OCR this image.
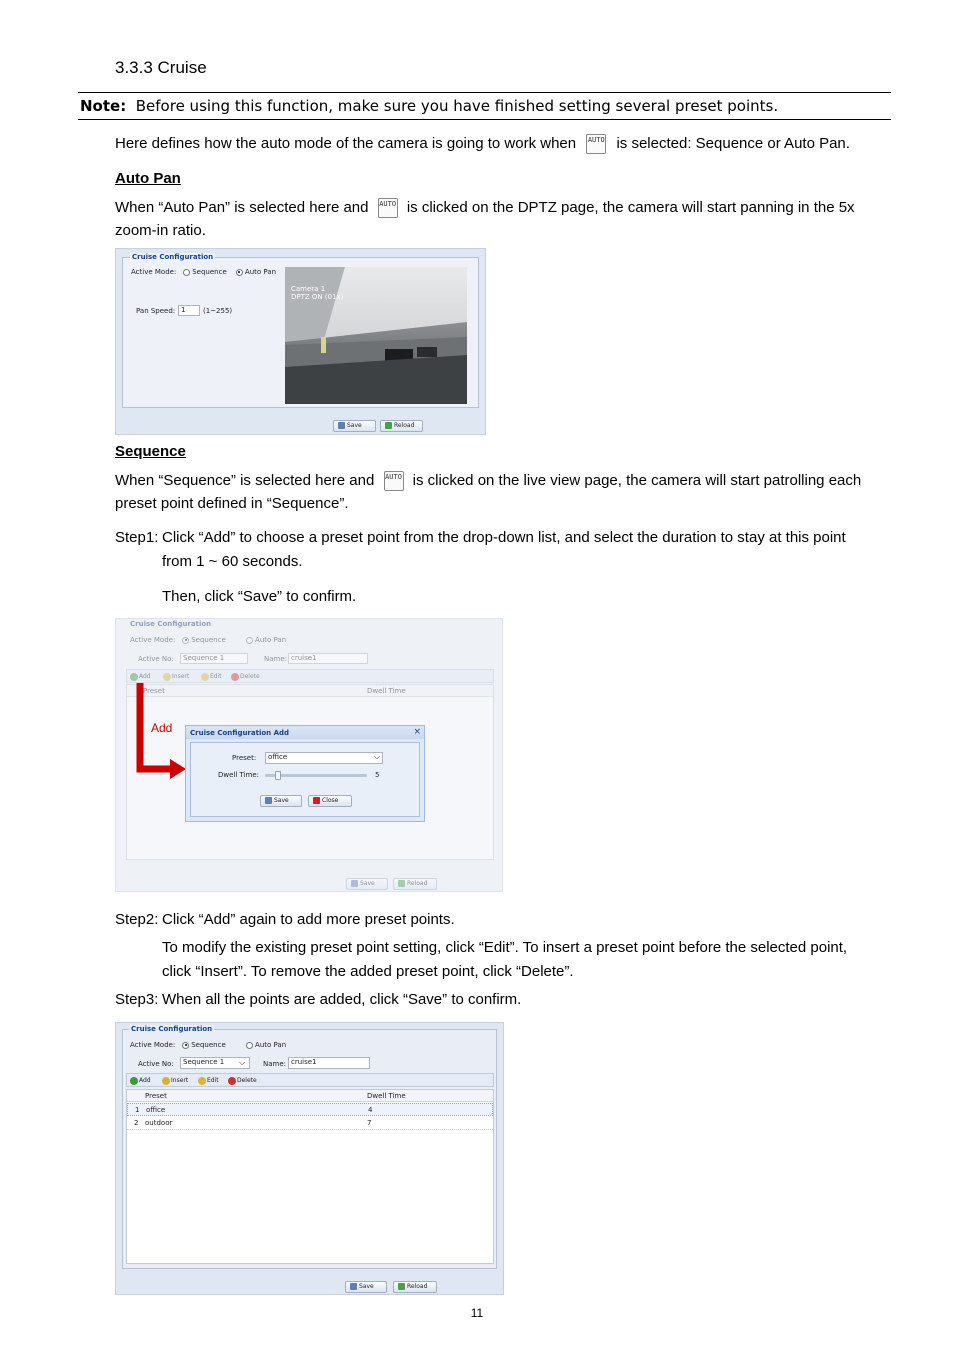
3.3.3 Cruise
Note: Before using this function, make sure you have finished setting several preset points.
Here defines how the auto mode of the camera is going to work when AUTO is selected: Sequence or Auto Pan.
Auto Pan
When “Auto Pan” is selected here and AUTO is clicked on the DPTZ page, the camera will start panning in the 5x
zoom-in ratio.
Cruise Configuration
Active Mode: Sequence	Auto Pan
Pan Speed: 1	(1~255)
Camera 1
DPTZ ON (01x)
Save	Reload
Sequence
When “Sequence” is selected here and AUTO is clicked on the live view page, the camera will start patrolling each
preset point defined in “Sequence”.
Step1: Click “Add” to choose a preset point from the drop-down list, and select the duration to stay at this point
from 1 ~ 60 seconds.
Then, click “Save” to confirm.
Cruise Configuration
Active Mode: Sequence	Auto Pan
Active No:	Sequence 1	Name: cruise1
Add	Insert	Edit	Delete
Preset	Dwell Time
Save	Reload
Add	Cruise Configuration Add	×
Preset:	office	⌵
Dwell Time:	5
Save	Close
Step2: Click “Add” again to add more preset points.
To modify the existing preset point setting, click “Edit”. To insert a preset point before the selected point,
click “Insert”. To remove the added preset point, click “Delete”.
Step3: When all the points are added, click “Save” to confirm.
Cruise Configuration
Active Mode: Sequence	Auto Pan
Active No:	Sequence 1	⌵	Name: cruise1
Add	Insert	Edit	Delete
Preset	Dwell Time
1 office	4
2 outdoor	7
Save	Reload
11
